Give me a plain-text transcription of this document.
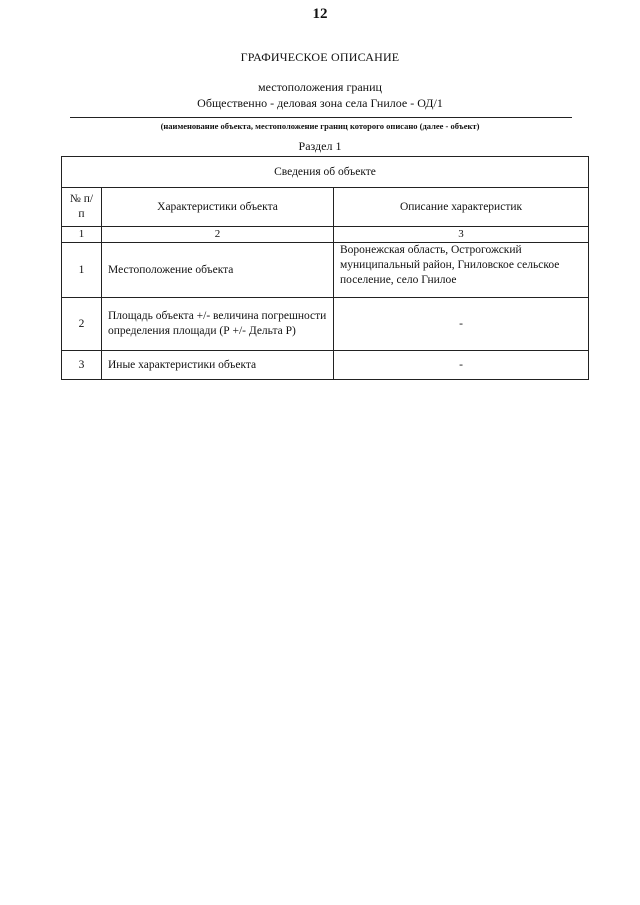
12
ГРАФИЧЕСКОЕ ОПИСАНИЕ
местоположения границ
Общественно - деловая зона села Гнилое - ОД/1
(наименование объекта, местоположение границ которого описано (далее - объект)
Раздел 1
Сведения об объекте		
№ п/п	Характеристики объекта	Описание характеристик
1	2	3
1	Местоположение объекта	Воронежская область, Острогожский муниципальный район, Гниловское сельское поселение, село Гнилое
2	Площадь объекта +/- величина погрешности определения площади (Р +/- Дельта Р)	-
3	Иные характеристики объекта	-
